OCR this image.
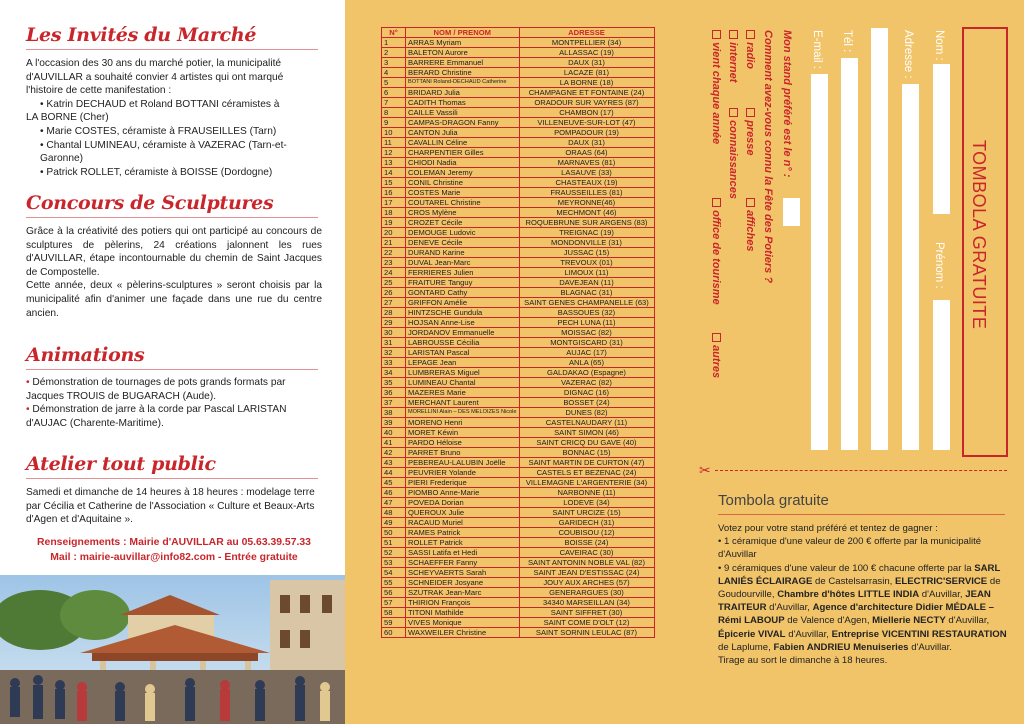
Les Invités du Marché

A l'occasion des 30 ans du marché potier, la municipalité d'AUVILLAR a souhaité convier 4 artistes qui ont marqué l'histoire de cette manifestation :

• Katrin DECHAUD et Roland BOTTANI céramistes à

LA BORNE (Cher)

• Marie COSTES, céramiste à FRAUSEILLES (Tarn)

• Chantal LUMINEAU, céramiste à VAZERAC (Tarn-et-Garonne)

• Patrick ROLLET, céramiste à BOISSE (Dordogne)

Concours de Sculptures

Grâce à la créativité des potiers qui ont participé au concours de sculptures de pèlerins, 24 créations jalonnent les rues d'AUVILLAR, étape incontournable du chemin de Saint Jacques de Compostelle.

Cette année, deux « pèlerins-sculptures » seront choisis par la municipalité afin d'animer une façade dans une rue du centre ancien.

Animations

• Démonstration de tournages de pots grands formats par Jacques TROUIS de BUGARACH (Aude).

• Démonstration de jarre à la corde par Pascal LARISTAN d'AUJAC (Charente-Maritime).

Atelier tout public
Samedi et dimanche de 14 heures à 18 heures : modelage terre par Cécilia et Catherine de l'Association « Culture et Beaux-Arts d'Agen et d'Aquitaine ».
Renseignements : Mairie d'AUVILLAR au 05.63.39.57.33
Mail : mairie-auvillar@info82.com - Entrée gratuite
N°	NOM / PRENOM	ADRESSE
1	ARRAS Myriam	MONTPELLIER (34)
2	BALETON Aurore	ALLASSAC (19)
3	BARRERE Emmanuel	DAUX (31)
4	BERARD Christine	LACAZE (81)
5	BOTTANI Roland-DECHAUD Catherine	LA BORNE (18)
6	BRIDARD Julia	CHAMPAGNE ET FONTAINE (24)
7	CADITH Thomas	ORADOUR SUR VAYRES (87)
8	CAILLE Vassili	CHAMBON (17)
9	CAMPAS-DRAGON Fanny	VILLENEUVE-SUR-LOT (47)
10	CANTON Julia	POMPADOUR (19)
11	CAVALLIN Céline	DAUX (31)
12	CHARPENTIER Gilles	ORAAS (64)
13	CHIODI Nadia	MARNAVES (81)
14	COLEMAN Jeremy	LASAUVE (33)
15	CONIL Christine	CHASTEAUX (19)
16	COSTES Marie	FRAUSSEILLES (81)
17	COUTAREL Christine	MEYRONNE(46)
18	CROS Mylène	MECHMONT (46)
19	CROZET Cécile	ROQUEBRUNE SUR ARGENS (83)
20	DEMOUGE Ludovic	TREIGNAC (19)
21	DENEVE Cécile	MONDONVILLE (31)
22	DURAND Karine	JUSSAC (15)
23	DUVAL Jean-Marc	TREVOUX (01)
24	FERRIERES Julien	LIMOUX (11)
25	FRAITURE Tanguy	DAVEJEAN (11)
26	GONTARD Cathy	BLAGNAC (31)
27	GRIFFON Amélie	SAINT GENES CHAMPANELLE (63)
28	HINTZSCHE Gundula	BASSOUES (32)
29	HOJSAN Anne-Lise	PECH LUNA (11)
30	JORDANOV Emmanuelle	MOISSAC (82)
31	LABROUSSE Cécilia	MONTGISCARD (31)
32	LARISTAN Pascal	AUJAC (17)
33	LEPAGE Jean	ANLA (65)
34	LUMBRERAS Miguel	GALDAKAO (Espagne)
35	LUMINEAU Chantal	VAZERAC (82)
36	MAZERES Marie	DIGNAC (16)
37	MERCHANT Laurent	BOSSET (24)
38	MORELLINI Alain – DES MELOIZES Nicole	DUNES (82)
39	MORENO Henri	CASTELNAUDARY (11)
40	MORET Kéwin	SAINT SIMON (46)
41	PARDO Héloise	SAINT CRICQ DU GAVE (40)
42	PARRET Bruno	BONNAC (15)
43	PEBEREAU-LALUBIN Joëlle	SAINT MARTIN DE CURTON (47)
44	PEUVRIER Yolande	CASTELS ET BEZENAC (24)
45	PIERI Frederique	VILLEMAGNE L'ARGENTERIE (34)
46	PIOMBO Anne-Marie	NARBONNE (11)
47	POVEDA Dorian	LODEVE (34)
48	QUEROUX Julie	SAINT URCIZE (15)
49	RACAUD Muriel	GARIDECH (31)
50	RAMES Patrick	COUBISOU (12)
51	ROLLET Patrick	BOISSE (24)
52	SASSI Latifa et Hedi	CAVEIRAC (30)
53	SCHAEFFER Fanny	SAINT ANTONIN NOBLE VAL (82)
54	SCHEYVAERTS Sarah	SAINT JEAN D'ESTISSAC (24)
55	SCHNEIDER Josyane	JOUY AUX ARCHES (57)
56	SZUTRAK Jean-Marc	GENERARGUES (30)
57	THIRION François	34340 MARSEILLAN (34)
58	TITONI Mathilde	SAINT SIFFRET (30)
59	VIVES Monique	SAINT COME D'OLT (12)
60	WAXWEILER Christine	SAINT SORNIN LEULAC (87)
Nom :
Prénom :
Adresse :
Tél :
E-mail :
Mon stand préféré est le n° :
Comment avez-vous connu la Fête des Potiers ?
radio
presse
affiches
internet
connaissances
vient chaque année
office de tourisme
autres
TOMBOLA GRATUITE
✂
Tombola gratuite

Votez pour votre stand préféré et tentez de gagner :

• 1 céramique d'une valeur de 200 € offerte par la municipalité d'Auvillar

• 9 céramiques d'une valeur de 100 € chacune offerte par la SARL LANIÉS ÉCLAIRAGE de Castelsarrasin, ELECTRIC'SERVICE de Goudourville, Chambre d'hôtes LITTLE INDIA d'Auvillar, JEAN TRAITEUR d'Auvillar, Agence d'architecture Didier MÉDALE – Rémi LABOUP de Valence d'Agen, Miellerie NECTY d'Auvillar, Épicerie VIVAL d'Auvillar, Entreprise VICENTINI RESTAURATION de Laplume, Fabien ANDRIEU Menuiseries d'Auvillar.

Tirage au sort le dimanche à 18 heures.
